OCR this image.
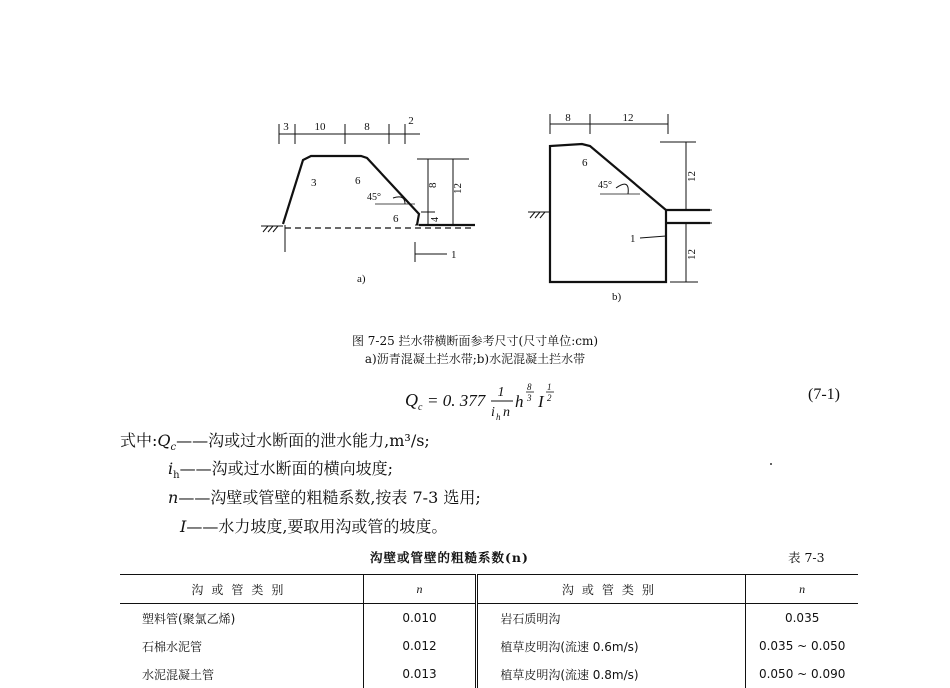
3 10	8	2
8 12
4
3	6
45°
6
1
a)
8	12
12
12
6
45°
1
b)
图 7-25 拦水带横断面参考尺寸(尺寸单位:cm)
a)沥青混凝土拦水带;b)水泥混凝土拦水带
Q c = 0. 377 1
i h n
h
8
3 I
1
2	(7-1)
式中$:Q_c——$沟或过水断面的泄水能力,m³/s;
$i_h——$沟或过水断面的横向坡度;
n——沟壁或管壁的粗糙系数,按表 7-3 选用;
I——水力坡度,要取用沟或管的坡度。
沟壁或管壁的粗糙系数(n)	表 7-3
沟或管类别	n	沟或管类别	n
塑料管(聚氯乙烯)	0.010	岩石质明沟	0.035
石棉水泥管	0.012	植草皮明沟(流速 0.6m/s)	0.035 ~ 0.050
水泥混凝土管	0.013	植草皮明沟(流速 0.8m/s)	0.050 ~ 0.090
